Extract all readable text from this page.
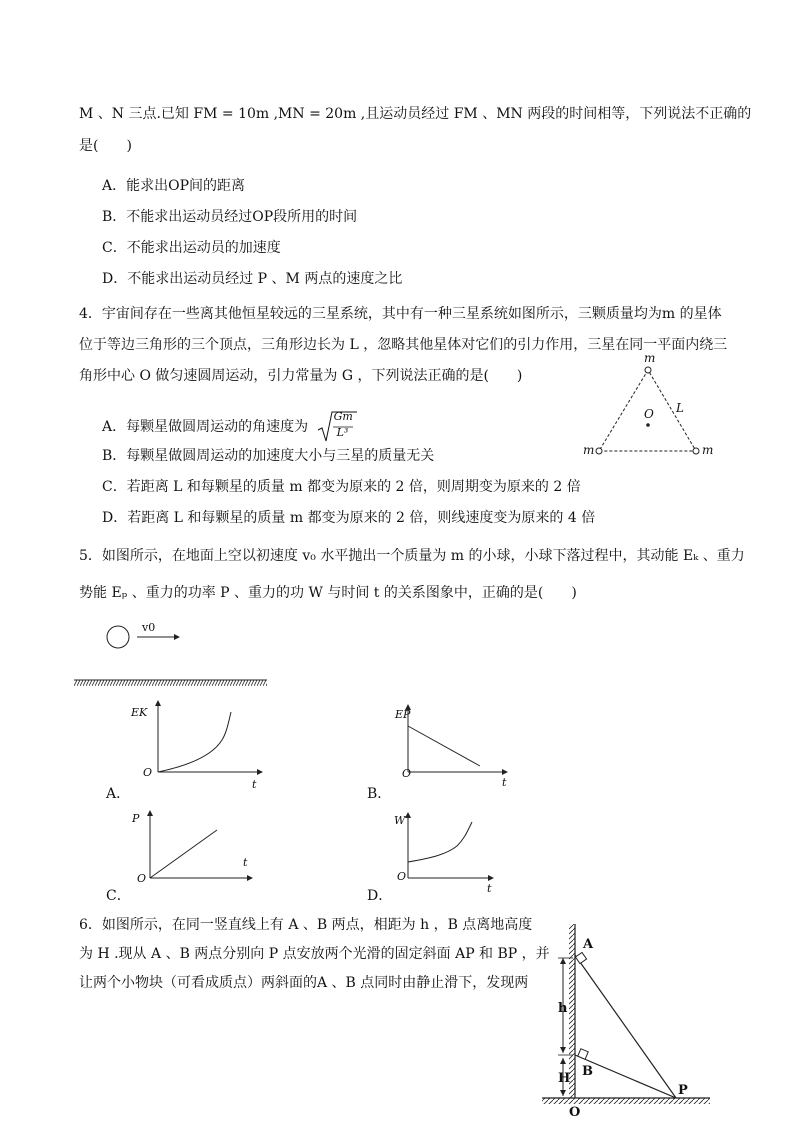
M 、N 三点.已知 FM = 10m ,MN = 20m ,且运动员经过 FM 、MN 两段的时间相等，下列说法不正确的
是(　　)
A．能求出OP间的距离
B．不能求出运动员经过OP段所用的时间
C．不能求出运动员的加速度
D．不能求出运动员经过 P 、M 两点的速度之比
4．宇宙间存在一些离其他恒星较远的三星系统，其中有一种三星系统如图所示，三颗质量均为m 的星体
位于等边三角形的三个顶点，三角形边长为 L ，忽略其他星体对它们的引力作用，三星在同一平面内绕三
角形中心 O 做匀速圆周运动，引力常量为 G ，下列说法正确的是(　　)
A．每颗星做圆周运动的角速度为
Gm
L³
B．每颗星做圆周运动的加速度大小与三星的质量无关
C．若距离 L 和每颗星的质量 m 都变为原来的 2 倍，则周期变为原来的 2 倍
D．若距离 L 和每颗星的质量 m 都变为原来的 2 倍，则线速度变为原来的 4 倍
m
m	m
O L
5．如图所示，在地面上空以初速度 v₀ 水平抛出一个质量为 m 的小球，小球下落过程中，其动能 Eₖ 、重力
势能 Eₚ 、重力的功率 P 、重力的功 W 与时间 t 的关系图象中，正确的是(　　)
v0
EK
O
t
A．
EP
O
t
B．
P
O
t
C．
W
O
t
D．
6．如图所示，在同一竖直线上有 A 、B 两点，相距为 h ，B 点离地高度
为 H .现从 A 、B 两点分别向 P 点安放两个光滑的固定斜面 AP 和 BP ，并
让两个小物块（可看成质点）两斜面的A 、B 点同时由静止滑下，发现两
A
B
P
O
h
H
